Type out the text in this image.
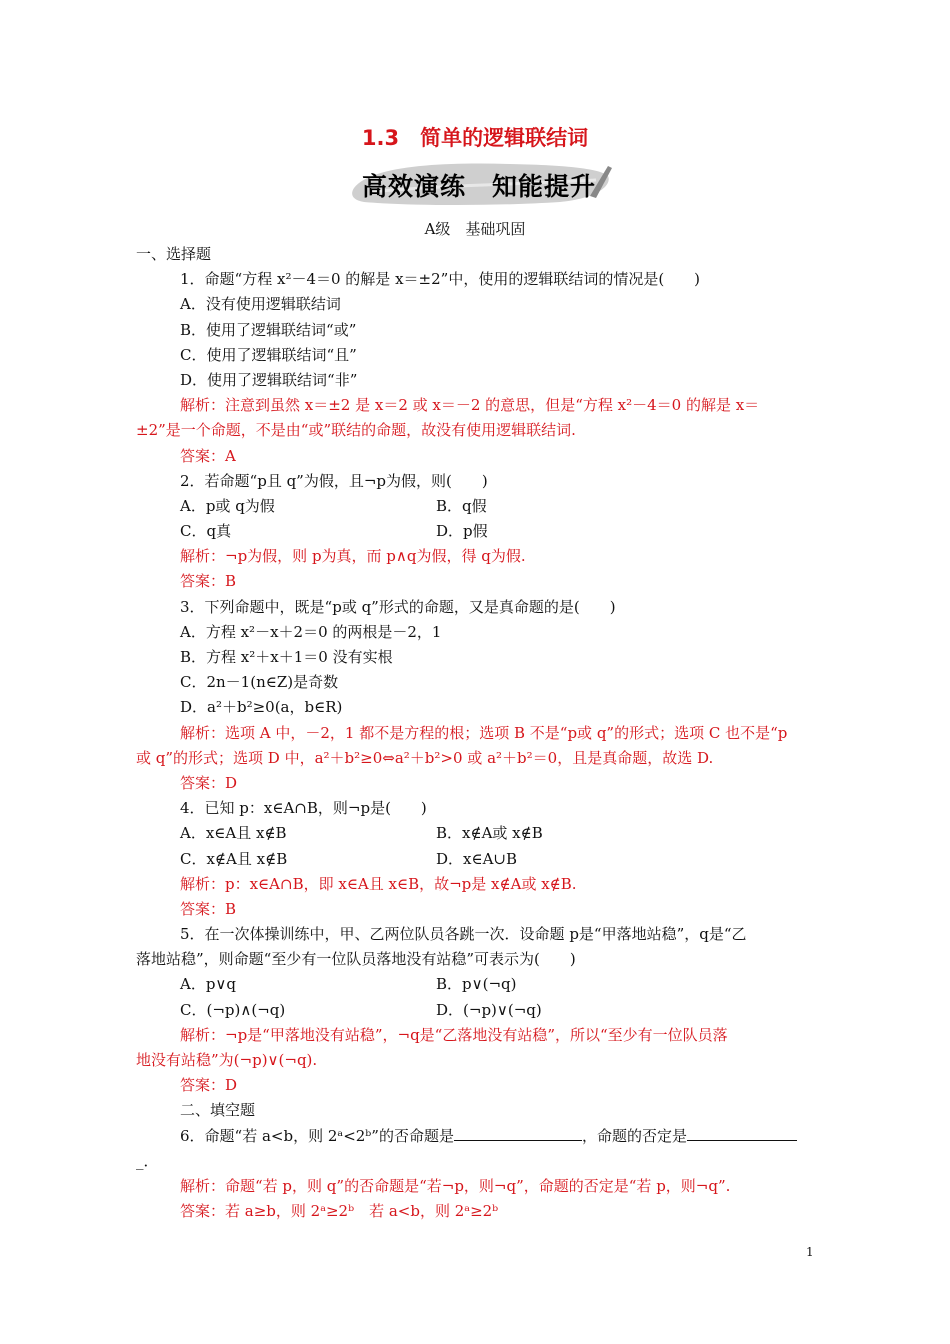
1.3　简单的逻辑联结词
高效演练　知能提升
A级　基础巩固
一、选择题
1．命题“方程 x²－4＝0 的解是 x＝±2”中，使用的逻辑联结词的情况是(　　)
A．没有使用逻辑联结词
B．使用了逻辑联结词“或”
C．使用了逻辑联结词“且”
D．使用了逻辑联结词“非”
解析：注意到虽然 x＝±2 是 x＝2 或 x＝－2 的意思，但是“方程 x²－4＝0 的解是 x＝
±2”是一个命题，不是由“或”联结的命题，故没有使用逻辑联结词.
答案：A
2．若命题“p且 q”为假，且¬p为假，则(　　)
A．p或 q为假	B．q假
C．q真	D．p假
解析：¬p为假，则 p为真，而 p∧q为假，得 q为假.
答案：B
3．下列命题中，既是“p或 q”形式的命题，又是真命题的是(　　)
A．方程 x²－x＋2＝0 的两根是－2，1
B．方程 x²＋x＋1＝0 没有实根
C．2n－1(n∈Z)是奇数
D．a²＋b²≥0(a，b∈R)
解析：选项 A 中，－2，1 都不是方程的根；选项 B 不是“p或 q”的形式；选项 C 也不是“p
或 q”的形式；选项 D 中，a²＋b²≥0⇔a²＋b²>0 或 a²＋b²＝0，且是真命题，故选 D.
答案：D
4．已知 p：x∈A∩B，则¬p是(　　)
A．x∈A且 x∉B	B．x∉A或 x∉B
C．x∉A且 x∉B	D．x∈A∪B
解析：p：x∈A∩B，即 x∈A且 x∈B，故¬p是 x∉A或 x∉B.
答案：B
5．在一次体操训练中，甲、乙两位队员各跳一次．设命题 p是“甲落地站稳”，q是“乙
落地站稳”，则命题“至少有一位队员落地没有站稳”可表示为(　　)
A．p∨q	B．p∨(¬q)
C．(¬p)∧(¬q)	D．(¬p)∨(¬q)
解析：¬p是“甲落地没有站稳”，¬q是“乙落地没有站稳”，所以“至少有一位队员落
地没有站稳”为(¬p)∨(¬q).
答案：D
二、填空题
6．命题“若 a<b，则 2ᵃ<2ᵇ”的否命题是	，命题的否定是
_．
解析：命题“若 p，则 q”的否命题是“若¬p，则¬q”，命题的否定是“若 p，则¬q”.
答案：若 a≥b，则 2ᵃ≥2ᵇ　若 a<b，则 2ᵃ≥2ᵇ
1
